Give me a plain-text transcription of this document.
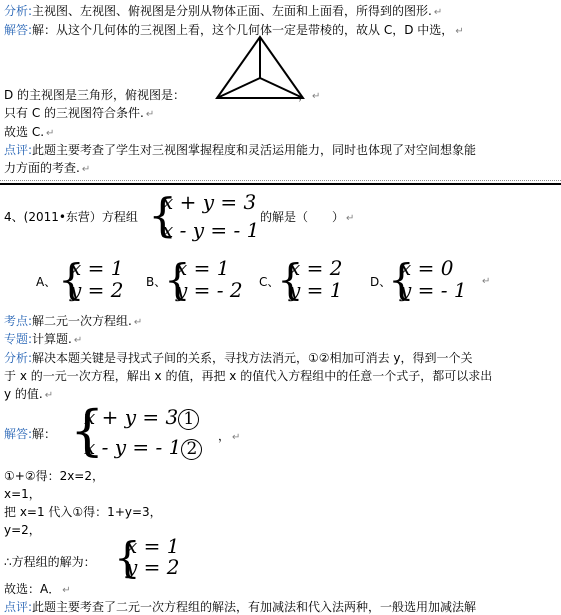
分析:主视图、左视图、俯视图是分别从物体正面、左面和上面看，所得到的图形. ↵
解答:解：从这个几何体的三视图上看，这个几何体一定是带棱的，故从 C，D 中选， ↵
D 的主视图是三角形，俯视图是：	， ↵
只有 C 的三视图符合条件. ↵
故选 C. ↵
点评:此题主要考查了学生对三视图掌握程度和灵活运用能力，同时也体现了对空间想象能
力方面的考查. ↵
4、(2011•东营）方程组 {
x + y = 3
x - y = - 1
的解是（　　） ↵
A、 {
x = 1
y = 2 B、
{
x = 1
y = - 2 C、
{
x = 2
y = 1 D、
{
x = 0
y = - 1 ↵
考点:解二元一次方程组. ↵
专题:计算题. ↵
分析:解决本题关键是寻找式子间的关系，寻找方法消元，①②相加可消去 y，得到一个关
于 x 的一元一次方程，解出 x 的值，再把 x 的值代入方程组中的任意一个式子，都可以求出
y 的值. ↵
解答:解： {
x + y = 3 1
x - y = - 1 2
， ↵
①+②得：2x=2，
x=1，
把 x=1 代入①得：1+y=3，
y=2，
∴方程组的解为： {
x = 1
y = 2
故选：A． ↵
点评:此题主要考查了二元一次方程组的解法，有加减法和代入法两种，一般选用加减法解
